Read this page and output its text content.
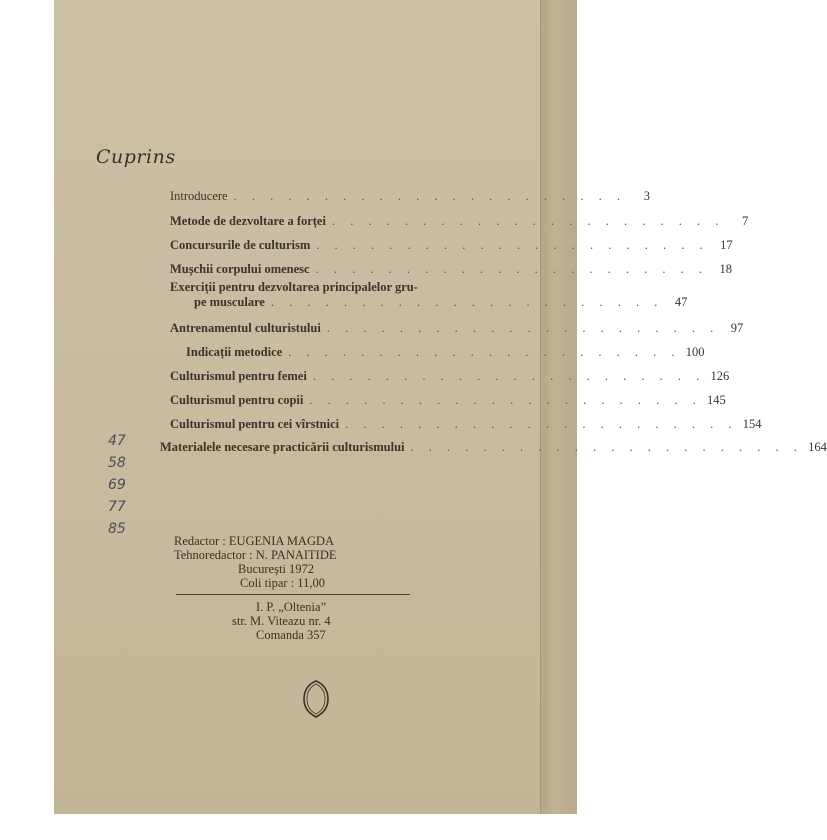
Cuprins
Introducere . . . . . . . . . . . . . . . . . . . . . .	3
Metode de dezvoltare a forței . . . . . . . . . . . . . . . . . . . . . .	7
Concursurile de culturism . . . . . . . . . . . . . . . . . . . . . . 17
Mușchii corpului omenesc . . . . . . . . . . . . . . . . . . . . . . 18
Exerciții pentru dezvoltarea principalelor gru-
pe musculare . . . . . . . . . . . . . . . . . . . . . . 47
Antrenamentul culturistului . . . . . . . . . . . . . . . . . . . . . . 97
Indicații metodice . . . . . . . . . . . . . . . . . . . . . . 100
Culturismul pentru femei . . . . . . . . . . . . . . . . . . . . . . 126
Culturismul pentru copii . . . . . . . . . . . . . . . . . . . . . . 145
Culturismul pentru cei vîrstnici . . . . . . . . . . . . . . . . . . . . . . 154
Materialele necesare practicării culturismului . . . . . . . . . . . . . . . . . . . . . . 164
47
58
69
77
85
Redactor : EUGENIA MAGDA
Tehnoredactor : N. PANAITIDE
București 1972
Coli tipar : 11,00
I. P. „Oltenia”
str. M. Viteazu nr. 4
Comanda 357
